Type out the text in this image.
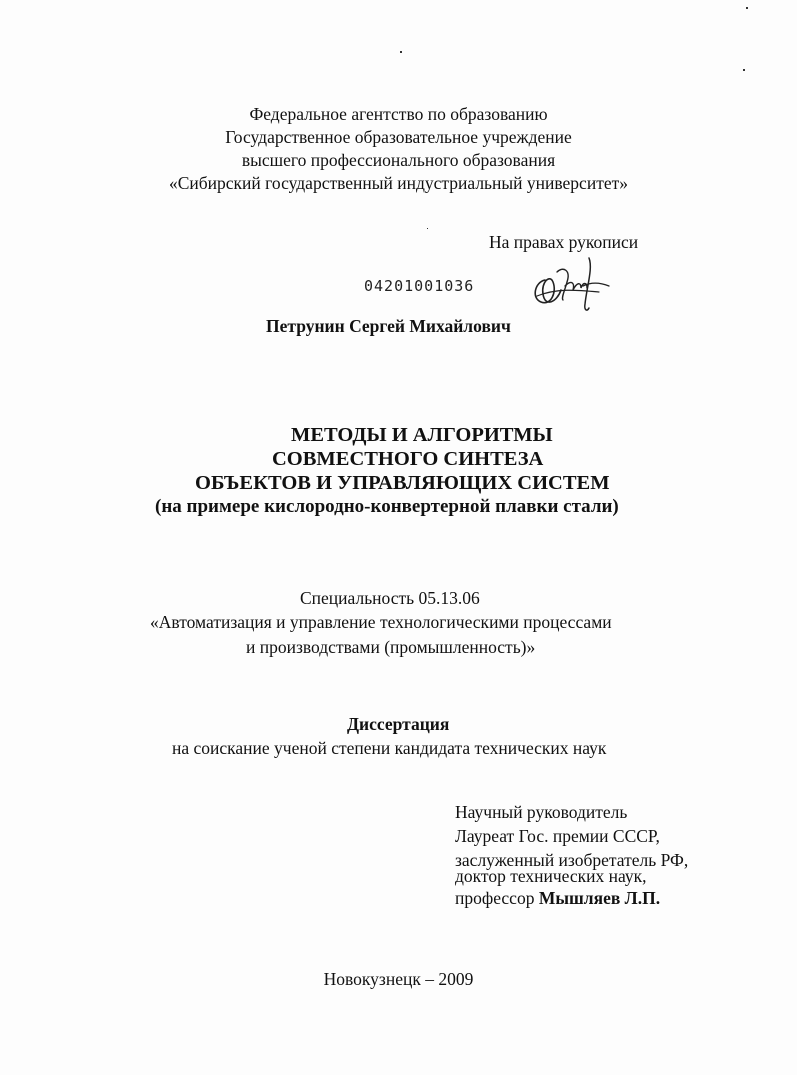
Федеральное агентство по образованию
Государственное образовательное учреждение
высшего профессионального образования
«Сибирский государственный индустриальный университет»
На правах рукописи
04201001036
Петрунин Сергей Михайлович
МЕТОДЫ И АЛГОРИТМЫ
СОВМЕСТНОГО СИНТЕЗА
ОБЪЕКТОВ И УПРАВЛЯЮЩИХ СИСТЕМ
(на примере кислородно-конвертерной плавки стали)
Специальность 05.13.06
«Автоматизация и управление технологическими процессами
и производствами (промышленность)»
Диссертация
на соискание ученой степени кандидата технических наук
Научный руководитель
Лауреат Гос. премии СССР,
заслуженный изобретатель РФ,
доктор технических наук,
профессор Мышляев Л.П.
Новокузнецк – 2009
